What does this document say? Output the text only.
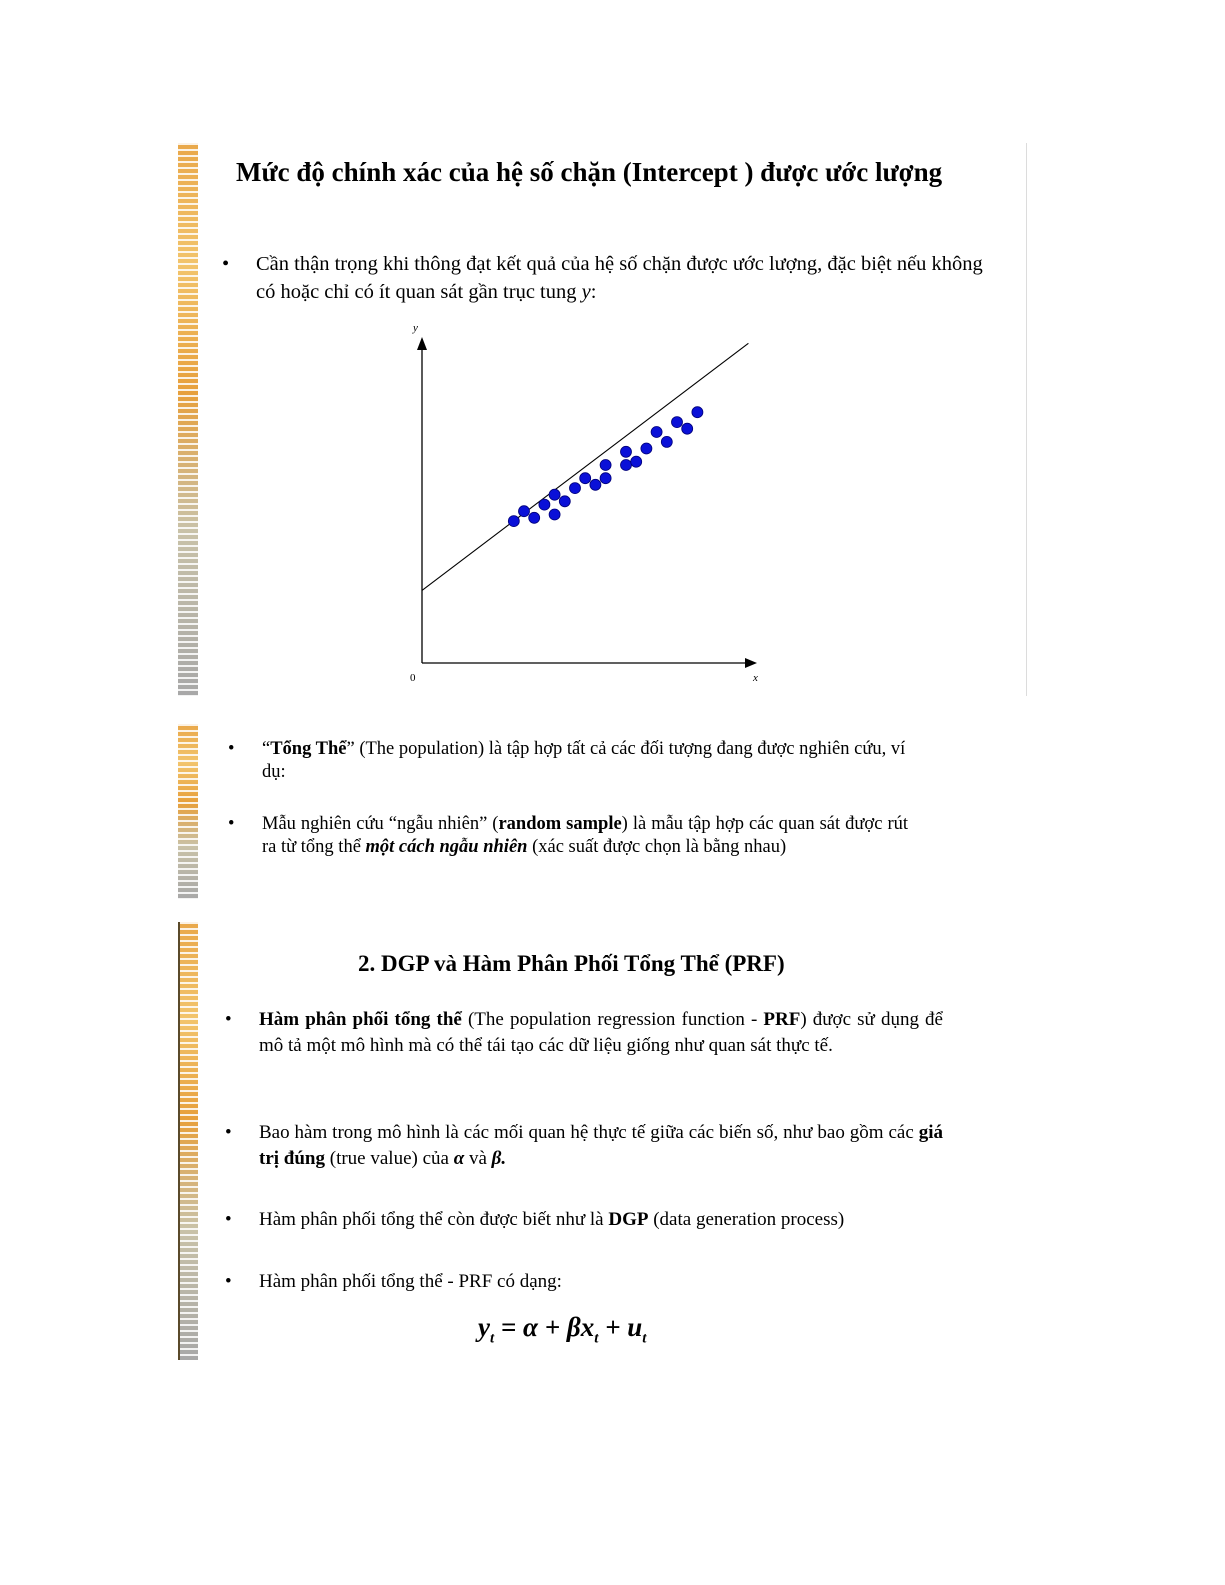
Mức độ chính xác của hệ số chặn (Intercept ) được ước lượng
•	Cần thận trọng khi thông đạt kết quả của hệ số chặn được ước lượng, đặc biệt nếu không có hoặc chỉ có ít quan sát gần trục tung y:
y
x
0
•	“Tổng Thể” (The population) là tập hợp tất cả các đối tượng đang được nghiên cứu, ví dụ:
•	Mẫu nghiên cứu “ngẫu nhiên” (random sample) là mẫu tập hợp các quan sát được rút ra từ tổng thể một cách ngẫu nhiên (xác suất được chọn là bằng nhau)
2. DGP và Hàm Phân Phối Tổng Thể (PRF)
•	Hàm phân phối tổng thể (The population regression function - PRF) được sử dụng để mô tả một mô hình mà có thể tái tạo các dữ liệu giống như quan sát thực tế.
•	Bao hàm trong mô hình là các mối quan hệ thực tế giữa các biến số, như bao gồm các giá trị đúng (true value) của α và β.
•	Hàm phân phối tổng thể còn được biết như là DGP (data generation process)
•	Hàm phân phối tổng thể - PRF có dạng:
$y_t = \alpha + \beta x_t + u_t$
